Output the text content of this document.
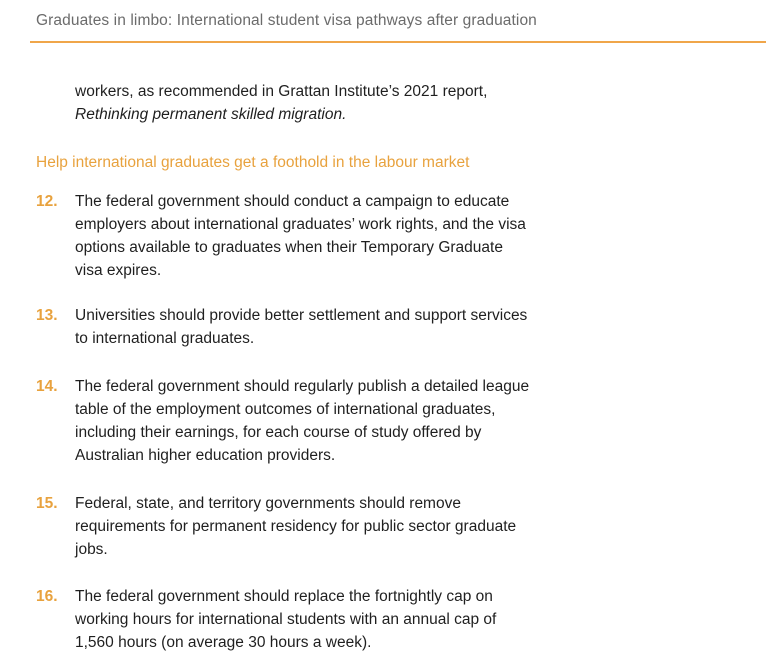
Graduates in limbo: International student visa pathways after graduation
workers, as recommended in Grattan Institute’s 2021 report,
Rethinking permanent skilled migration.
Help international graduates get a foothold in the labour market
12. The federal government should conduct a campaign to educate
employers about international graduates’ work rights, and the visa
options available to graduates when their Temporary Graduate
visa expires.
13. Universities should provide better settlement and support services
to international graduates.
14. The federal government should regularly publish a detailed league
table of the employment outcomes of international graduates,
including their earnings, for each course of study offered by
Australian higher education providers.
15. Federal, state, and territory governments should remove
requirements for permanent residency for public sector graduate
jobs.
16. The federal government should replace the fortnightly cap on
working hours for international students with an annual cap of
1,560 hours (on average 30 hours a week).
